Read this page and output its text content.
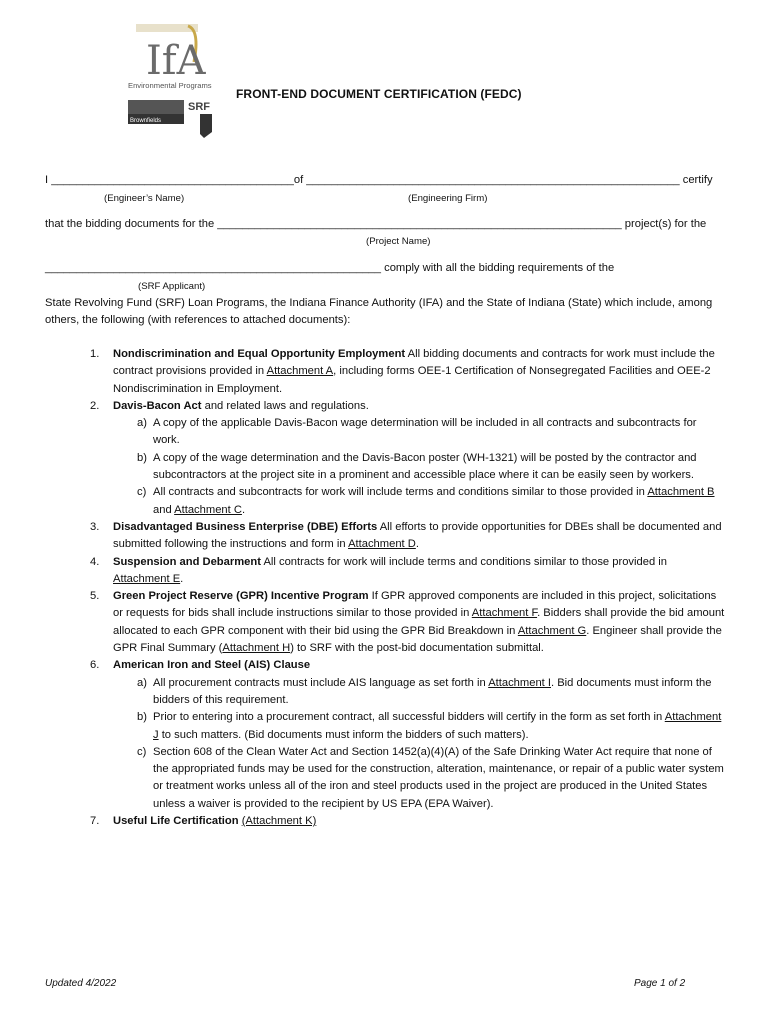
IfA
Environmental Programs
Brownfields
SRF
FRONT-END DOCUMENT CERTIFICATION (FEDC)
I _______________________________________of ____________________________________________________________ certify
(Engineer’s Name)	(Engineering Firm)
that the bidding documents for the _________________________________________________________________ project(s) for the
(Project Name)
______________________________________________________ comply with all the bidding requirements of the
(SRF Applicant)
State Revolving Fund (SRF) Loan Programs, the Indiana Finance Authority (IFA) and the State of Indiana (State) which include, among others, the following (with references to attached documents):
1. Nondiscrimination and Equal Opportunity Employment All bidding documents and contracts for work must include the contract provisions provided in Attachment A, including forms OEE-1 Certification of Nonsegregated Facilities and OEE-2 Nondiscrimination in Employment.
2. Davis-Bacon Act and related laws and regulations.
a) A copy of the applicable Davis-Bacon wage determination will be included in all contracts and subcontracts for work.
b) A copy of the wage determination and the Davis-Bacon poster (WH-1321) will be posted by the contractor and subcontractors at the project site in a prominent and accessible place where it can be easily seen by workers.
c) All contracts and subcontracts for work will include terms and conditions similar to those provided in Attachment B and Attachment C.
3. Disadvantaged Business Enterprise (DBE) Efforts All efforts to provide opportunities for DBEs shall be documented and submitted following the instructions and form in Attachment D.
4. Suspension and Debarment All contracts for work will include terms and conditions similar to those provided in Attachment E.
5. Green Project Reserve (GPR) Incentive Program If GPR approved components are included in this project, solicitations or requests for bids shall include instructions similar to those provided in Attachment F. Bidders shall provide the bid amount allocated to each GPR component with their bid using the GPR Bid Breakdown in Attachment G. Engineer shall provide the GPR Final Summary (Attachment H) to SRF with the post-bid documentation submittal.
6. American Iron and Steel (AIS) Clause
a) All procurement contracts must include AIS language as set forth in Attachment I. Bid documents must inform the bidders of this requirement.
b) Prior to entering into a procurement contract, all successful bidders will certify in the form as set forth in Attachment J to such matters. (Bid documents must inform the bidders of such matters).
c) Section 608 of the Clean Water Act and Section 1452(a)(4)(A) of the Safe Drinking Water Act require that none of the appropriated funds may be used for the construction, alteration, maintenance, or repair of a public water system or treatment works unless all of the iron and steel products used in the project are produced in the United States unless a waiver is provided to the recipient by US EPA (EPA Waiver).
7. Useful Life Certification (Attachment K)
Updated 4/2022	Page 1 of 2
